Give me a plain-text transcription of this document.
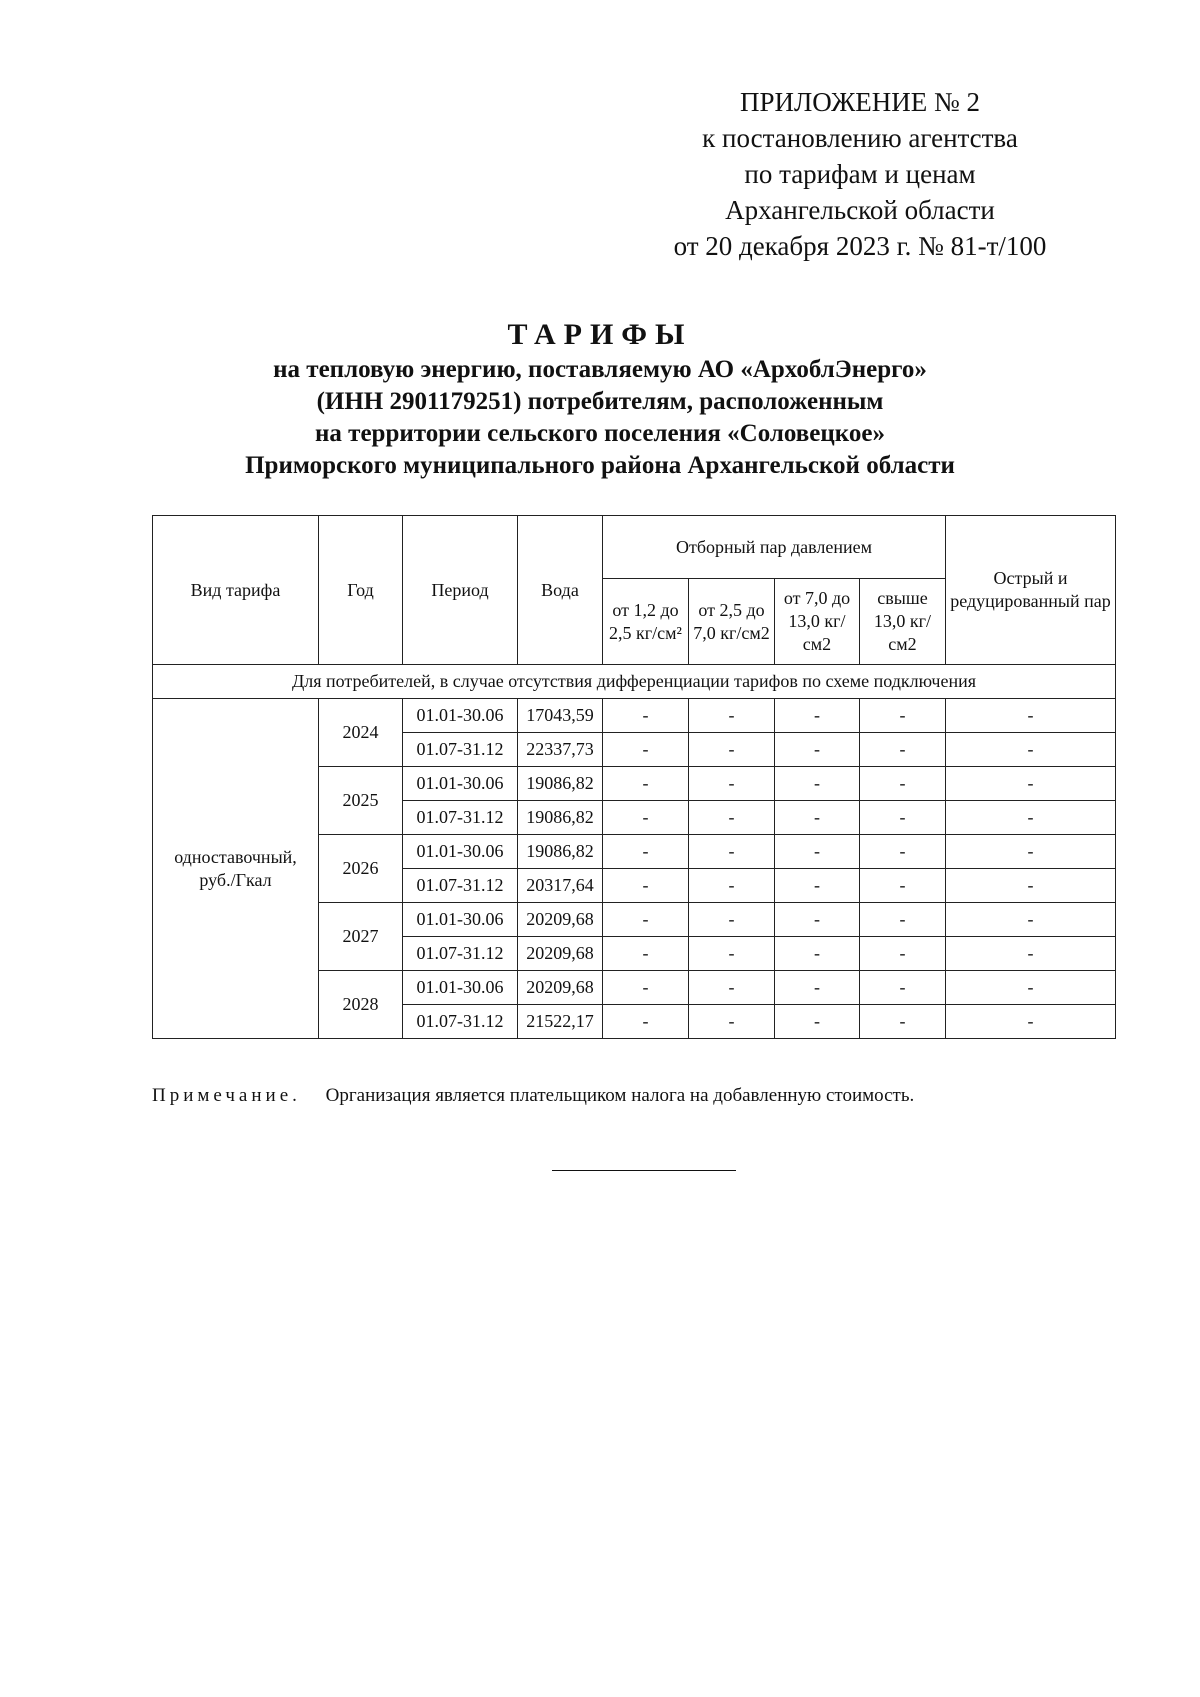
ПРИЛОЖЕНИЕ № 2
к постановлению агентства
по тарифам и ценам
Архангельской области
от 20 декабря 2023 г. № 81-т/100
ТАРИФЫ
на тепловую энергию, поставляемую АО «АрхоблЭнерго»
(ИНН 2901179251) потребителям, расположенным
на территории сельского поселения «Соловецкое»
Приморского муниципального района Архангельской области
Вид тарифа	Год	Период	Вода	Отборный пар давлением				Острый и редуцированный пар
				от 1,2 до 2,5 кг/см²	от 2,5 до 7,0 кг/см2	от 7,0 до 13,0 кг/см2	свыше 13,0 кг/см2	
Для потребителей, в случае отсутствия дифференциации тарифов по схеме подключения								
одноставочный, руб./Гкал	2024	01.01-30.06	17043,59	-	-	-	-	-
		01.07-31.12	22337,73	-	-	-	-	-
	2025	01.01-30.06	19086,82	-	-	-	-	-
		01.07-31.12	19086,82	-	-	-	-	-
	2026	01.01-30.06	19086,82	-	-	-	-	-
		01.07-31.12	20317,64	-	-	-	-	-
	2027	01.01-30.06	20209,68	-	-	-	-	-
		01.07-31.12	20209,68	-	-	-	-	-
	2028	01.01-30.06	20209,68	-	-	-	-	-
		01.07-31.12	21522,17	-	-	-	-	-
Примечание. Организация является плательщиком налога на добавленную стоимость.
